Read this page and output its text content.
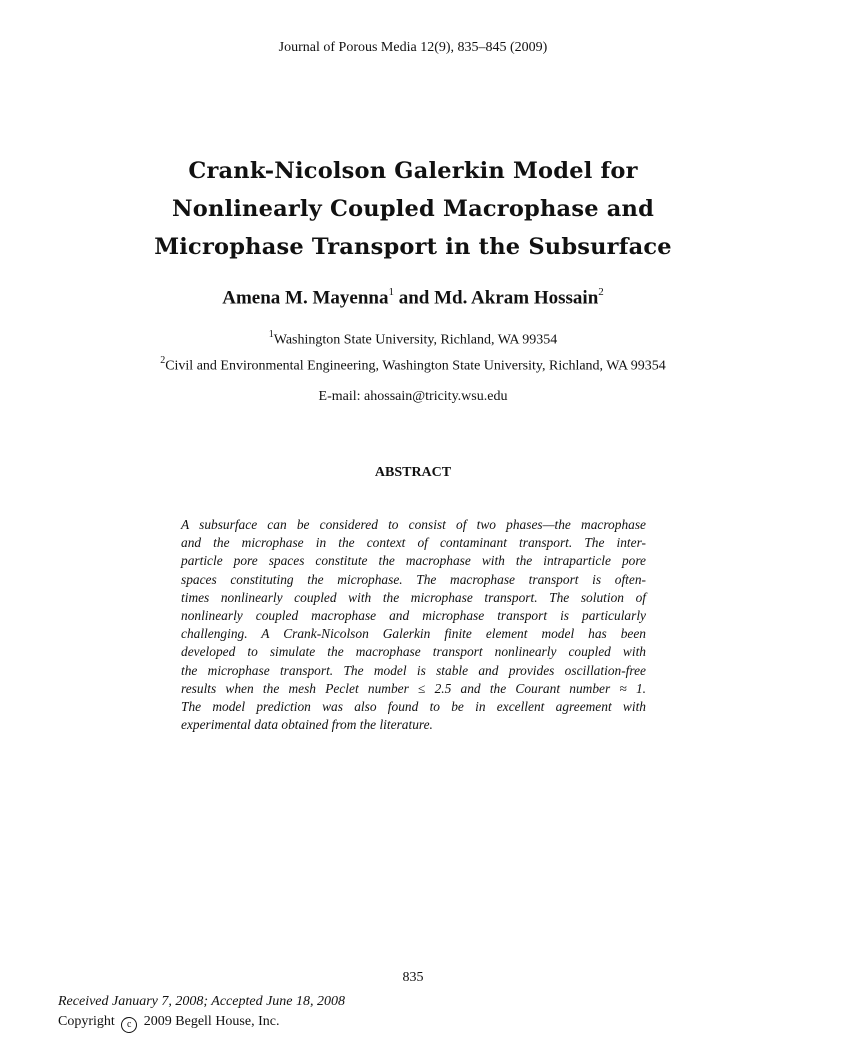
Journal of Porous Media 12(9), 835–845 (2009)
Crank-Nicolson Galerkin Model for
Nonlinearly Coupled Macrophase and
Microphase Transport in the Subsurface
Amena M. Mayenna$^1$ and Md. Akram Hossain$^2$
$^1$Washington State University, Richland, WA 99354
$^2$Civil and Environmental Engineering, Washington State University, Richland, WA 99354
E-mail: ahossain@tricity.wsu.edu
ABSTRACT
A subsurface can be considered to consist of two phases—the macrophase
and the microphase in the context of contaminant transport. The inter-
particle pore spaces constitute the macrophase with the intraparticle pore
spaces constituting the microphase. The macrophase transport is often-
times nonlinearly coupled with the microphase transport. The solution of
nonlinearly coupled macrophase and microphase transport is particularly
challenging. A Crank-Nicolson Galerkin finite element model has been
developed to simulate the macrophase transport nonlinearly coupled with
the microphase transport. The model is stable and provides oscillation-free
results when the mesh Peclet number ≤ 2.5 and the Courant number ≈ 1.
The model prediction was also found to be in excellent agreement with
experimental data obtained from the literature.
835
Received January 7, 2008; Accepted June 18, 2008
Copyright c 2009 Begell House, Inc.
